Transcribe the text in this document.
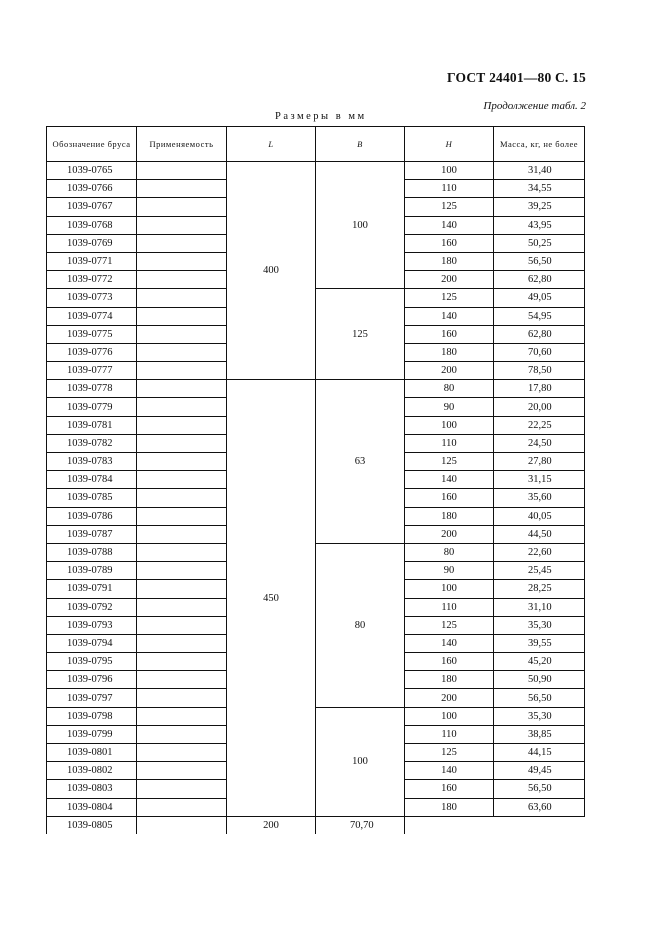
ГОСТ 24401—80 С. 15
Продолжение табл. 2
Размеры в мм
Обозначение бруса	Применяемость	L	B	H	Масса, кг, не более
1039-0765		400	100	100	31,40
1039-0766				110	34,55
1039-0767				125	39,25
1039-0768				140	43,95
1039-0769				160	50,25
1039-0771				180	56,50
1039-0772				200	62,80
1039-0773			125	125	49,05
1039-0774				140	54,95
1039-0775				160	62,80
1039-0776				180	70,60
1039-0777				200	78,50
1039-0778		450	63	80	17,80
1039-0779				90	20,00
1039-0781				100	22,25
1039-0782				110	24,50
1039-0783				125	27,80
1039-0784				140	31,15
1039-0785				160	35,60
1039-0786				180	40,05
1039-0787				200	44,50
1039-0788			80	80	22,60
1039-0789				90	25,45
1039-0791				100	28,25
1039-0792				110	31,10
1039-0793				125	35,30
1039-0794				140	39,55
1039-0795				160	45,20
1039-0796				180	50,90
1039-0797				200	56,50
1039-0798			100	100	35,30
1039-0799				110	38,85
1039-0801				125	44,15
1039-0802				140	49,45
1039-0803				160	56,50
1039-0804				180	63,60
1039-0805		200	70,70		
